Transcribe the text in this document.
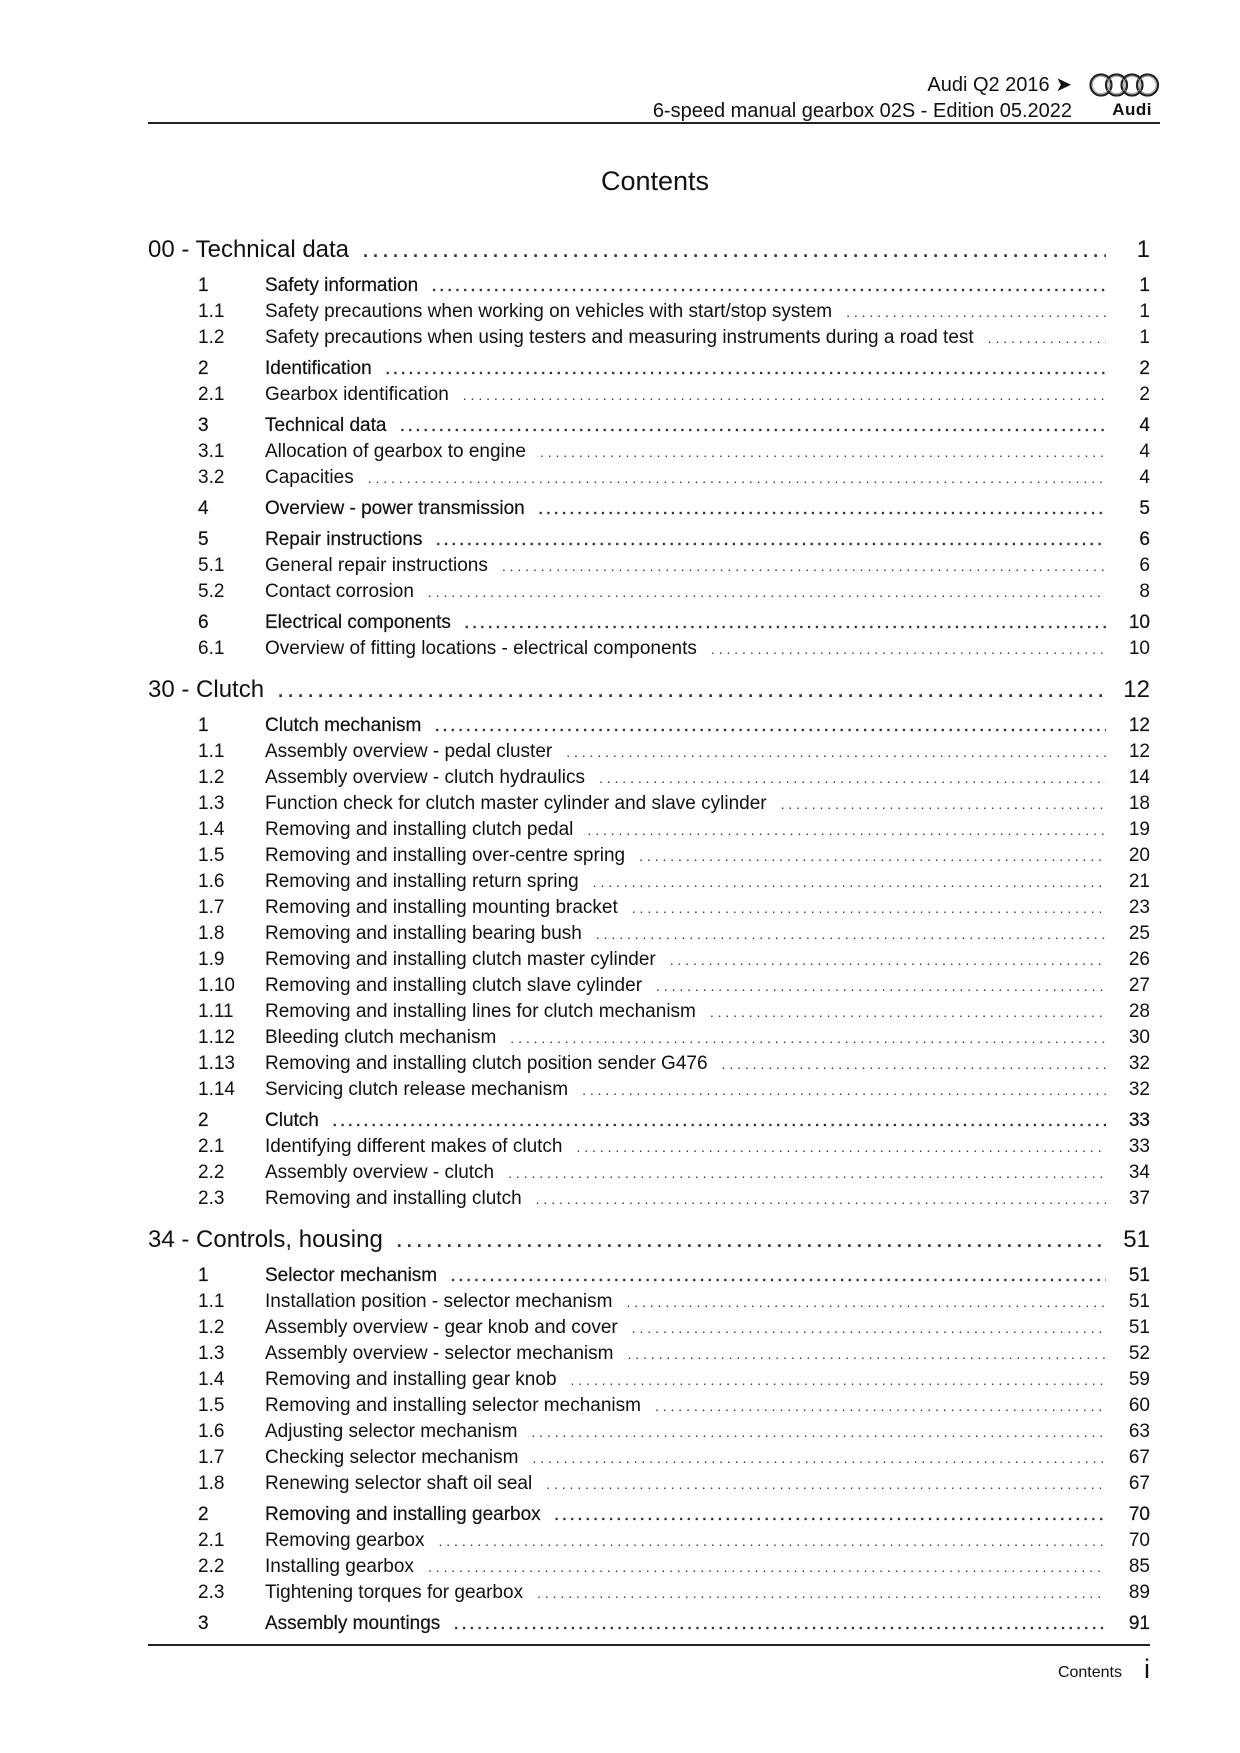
Audi Q2 2016 ➤
6-speed manual gearbox 02S - Edition 05.2022 Audi
Contents
00 - Technical data . . .	1
1	Safety information . . .	1
1.1	Safety precautions when working on vehicles with start/stop system . . .	1
1.2	Safety precautions when using testers and measuring instruments during a road test . . .	1
2	Identification . . .	2
2.1	Gearbox identification . . .	2
3	Technical data . . .	4
3.1	Allocation of gearbox to engine . . .	4
3.2	Capacities . . .	4
4	Overview - power transmission . . .	5
5	Repair instructions . . .	6
5.1	General repair instructions . . .	6
5.2	Contact corrosion . . .	8
6	Electrical components . . .	10
6.1	Overview of fitting locations - electrical components . . .	10
30 - Clutch . . .	12
1	Clutch mechanism . . .	12
1.1	Assembly overview - pedal cluster . . .	12
1.2	Assembly overview - clutch hydraulics . . .	14
1.3	Function check for clutch master cylinder and slave cylinder . . .	18
1.4	Removing and installing clutch pedal . . .	19
1.5	Removing and installing over-centre spring . . .	20
1.6	Removing and installing return spring . . .	21
1.7	Removing and installing mounting bracket . . .	23
1.8	Removing and installing bearing bush . . .	25
1.9	Removing and installing clutch master cylinder . . .	26
1.10	Removing and installing clutch slave cylinder . . .	27
1.11	Removing and installing lines for clutch mechanism . . .	28
1.12	Bleeding clutch mechanism . . .	30
1.13	Removing and installing clutch position sender G476 . . .	32
1.14	Servicing clutch release mechanism . . .	32
2	Clutch . . .	33
2.1	Identifying different makes of clutch . . .	33
2.2	Assembly overview - clutch . . .	34
2.3	Removing and installing clutch . . .	37
34 - Controls, housing . . .	51
1	Selector mechanism . . .	51
1.1	Installation position - selector mechanism . . .	51
1.2	Assembly overview - gear knob and cover . . .	51
1.3	Assembly overview - selector mechanism . . .	52
1.4	Removing and installing gear knob . . .	59
1.5	Removing and installing selector mechanism . . .	60
1.6	Adjusting selector mechanism . . .	63
1.7	Checking selector mechanism . . .	67
1.8	Renewing selector shaft oil seal . . .	67
2	Removing and installing gearbox . . .	70
2.1	Removing gearbox . . .	70
2.2	Installing gearbox . . .	85
2.3	Tightening torques for gearbox . . .	89
3	Assembly mountings . . .	91
Contents i
